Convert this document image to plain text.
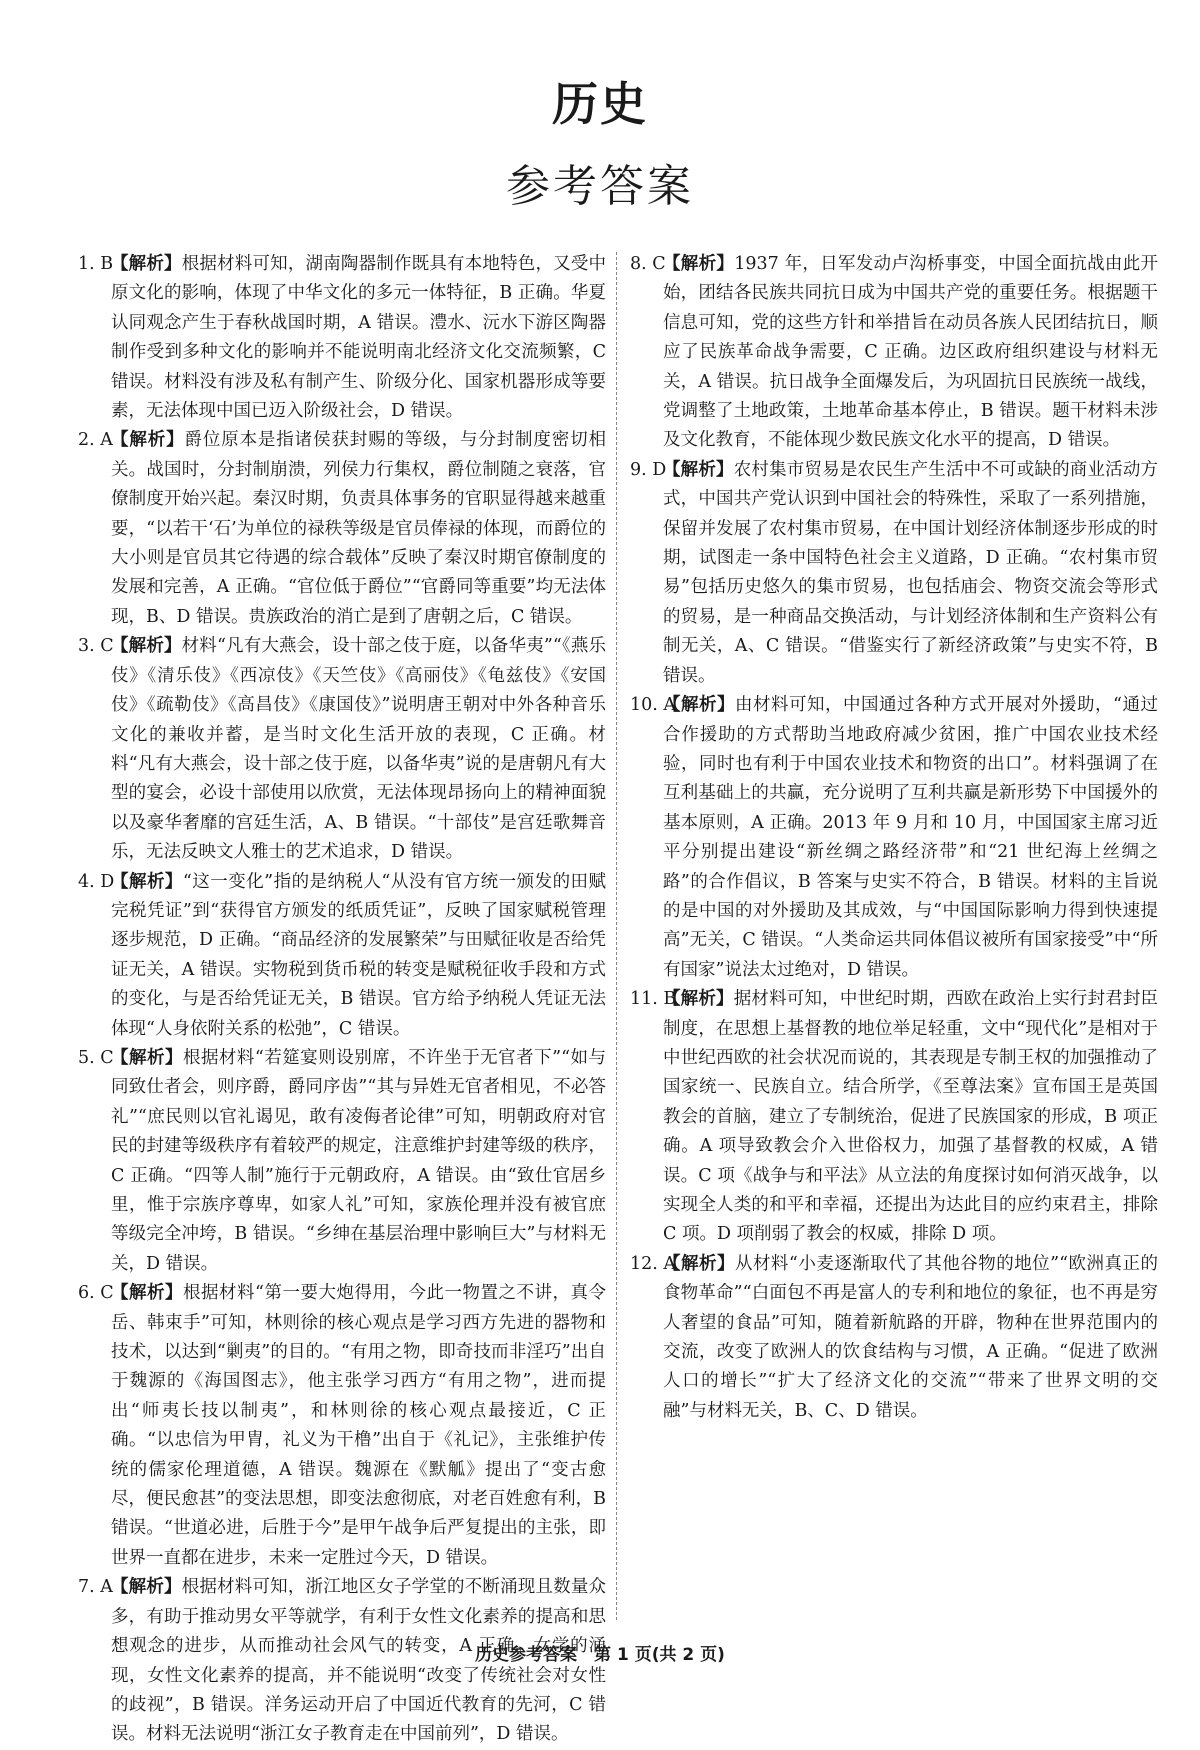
历史
参考答案
1. B
【解析】根据材料可知，湖南陶器制作既具有本地特色，又受中原文化的影响，体现了中华文化的多元一体特征，B 正确。华夏认同观念产生于春秋战国时期，A 错误。澧水、沅水下游区陶器制作受到多种文化的影响并不能说明南北经济文化交流频繁，C 错误。材料没有涉及私有制产生、阶级分化、国家机器形成等要素，无法体现中国已迈入阶级社会，D 错误。
2. A
【解析】爵位原本是指诸侯获封赐的等级，与分封制度密切相关。战国时，分封制崩溃，列侯力行集权，爵位制随之衰落，官僚制度开始兴起。秦汉时期，负责具体事务的官职显得越来越重要，“以若干‘石’为单位的禄秩等级是官员俸禄的体现，而爵位的大小则是官员其它待遇的综合载体”反映了秦汉时期官僚制度的发展和完善，A 正确。“官位低于爵位”“官爵同等重要”均无法体现，B、D 错误。贵族政治的消亡是到了唐朝之后，C 错误。
3. C
【解析】材料“凡有大燕会，设十部之伎于庭，以备华夷”“《燕乐伎》《清乐伎》《西凉伎》《天竺伎》《高丽伎》《龟兹伎》《安国伎》《疏勒伎》《高昌伎》《康国伎》”说明唐王朝对中外各种音乐文化的兼收并蓄，是当时文化生活开放的表现，C 正确。材料“凡有大燕会，设十部之伎于庭，以备华夷”说的是唐朝凡有大型的宴会，必设十部使用以欣赏，无法体现昂扬向上的精神面貌以及豪华奢靡的宫廷生活，A、B 错误。“十部伎”是宫廷歌舞音乐，无法反映文人雅士的艺术追求，D 错误。
4. D
【解析】“这一变化”指的是纳税人“从没有官方统一颁发的田赋完税凭证”到“获得官方颁发的纸质凭证”，反映了国家赋税管理逐步规范，D 正确。“商品经济的发展繁荣”与田赋征收是否给凭证无关，A 错误。实物税到货币税的转变是赋税征收手段和方式的变化，与是否给凭证无关，B 错误。官方给予纳税人凭证无法体现“人身依附关系的松弛”，C 错误。
5. C
【解析】根据材料“若筵宴则设别席，不许坐于无官者下”“如与同致仕者会，则序爵，爵同序齿”“其与异姓无官者相见，不必答礼”“庶民则以官礼谒见，敢有凌侮者论律”可知，明朝政府对官民的封建等级秩序有着较严的规定，注意维护封建等级的秩序，C 正确。“四等人制”施行于元朝政府，A 错误。由“致仕官居乡里，惟于宗族序尊卑，如家人礼”可知，家族伦理并没有被官庶等级完全冲垮，B 错误。“乡绅在基层治理中影响巨大”与材料无关，D 错误。
6. C
【解析】根据材料“第一要大炮得用，今此一物置之不讲，真令岳、韩束手”可知，林则徐的核心观点是学习西方先进的器物和技术，以达到“剿夷”的目的。“有用之物，即奇技而非淫巧”出自于魏源的《海国图志》，他主张学习西方“有用之物”，进而提出“师夷长技以制夷”，和林则徐的核心观点最接近，C 正确。“以忠信为甲胄，礼义为干橹”出自于《礼记》，主张维护传统的儒家伦理道德，A 错误。魏源在《默觚》提出了“变古愈尽，便民愈甚”的变法思想，即变法愈彻底，对老百姓愈有利，B 错误。“世道必进，后胜于今”是甲午战争后严复提出的主张，即世界一直都在进步，未来一定胜过今天，D 错误。
7. A
【解析】根据材料可知，浙江地区女子学堂的不断涌现且数量众多，有助于推动男女平等就学，有利于女性文化素养的提高和思想观念的进步，从而推动社会风气的转变，A 正确。女学的涌现，女性文化素养的提高，并不能说明“改变了传统社会对女性的歧视”，B 错误。洋务运动开启了中国近代教育的先河，C 错误。材料无法说明“浙江女子教育走在中国前列”，D 错误。
8. C
【解析】1937 年，日军发动卢沟桥事变，中国全面抗战由此开始，团结各民族共同抗日成为中国共产党的重要任务。根据题干信息可知，党的这些方针和举措旨在动员各族人民团结抗日，顺应了民族革命战争需要，C 正确。边区政府组织建设与材料无关，A 错误。抗日战争全面爆发后，为巩固抗日民族统一战线，党调整了土地政策，土地革命基本停止，B 错误。题干材料未涉及文化教育，不能体现少数民族文化水平的提高，D 错误。
9. D
【解析】农村集市贸易是农民生产生活中不可或缺的商业活动方式，中国共产党认识到中国社会的特殊性，采取了一系列措施，保留并发展了农村集市贸易，在中国计划经济体制逐步形成的时期，试图走一条中国特色社会主义道路，D 正确。“农村集市贸易”包括历史悠久的集市贸易，也包括庙会、物资交流会等形式的贸易，是一种商品交换活动，与计划经济体制和生产资料公有制无关，A、C 错误。“借鉴实行了新经济政策”与史实不符，B 错误。
10. A
【解析】由材料可知，中国通过各种方式开展对外援助，“通过合作援助的方式帮助当地政府减少贫困，推广中国农业技术经验，同时也有利于中国农业技术和物资的出口”。材料强调了在互利基础上的共赢，充分说明了互利共赢是新形势下中国援外的基本原则，A 正确。2013 年 9 月和 10 月，中国国家主席习近平分别提出建设“新丝绸之路经济带”和“21 世纪海上丝绸之路”的合作倡议，B 答案与史实不符合，B 错误。材料的主旨说的是中国的对外援助及其成效，与“中国国际影响力得到快速提高”无关，C 错误。“人类命运共同体倡议被所有国家接受”中“所有国家”说法太过绝对，D 错误。
11. B
【解析】据材料可知，中世纪时期，西欧在政治上实行封君封臣制度，在思想上基督教的地位举足轻重，文中“现代化”是相对于中世纪西欧的社会状况而说的，其表现是专制王权的加强推动了国家统一、民族自立。结合所学，《至尊法案》宣布国王是英国教会的首脑，建立了专制统治，促进了民族国家的形成，B 项正确。A 项导致教会介入世俗权力，加强了基督教的权威，A 错误。C 项《战争与和平法》从立法的角度探讨如何消灭战争，以实现全人类的和平和幸福，还提出为达此目的应约束君主，排除 C 项。D 项削弱了教会的权威，排除 D 项。
12. A
【解析】从材料“小麦逐渐取代了其他谷物的地位”“欧洲真正的食物革命”“白面包不再是富人的专利和地位的象征，也不再是穷人奢望的食品”可知，随着新航路的开辟，物种在世界范围内的交流，改变了欧洲人的饮食结构与习惯，A 正确。“促进了欧洲人口的增长”“扩大了经济文化的交流”“带来了世界文明的交融”与材料无关，B、C、D 错误。
历史参考答案　第 1 页(共 2 页)
